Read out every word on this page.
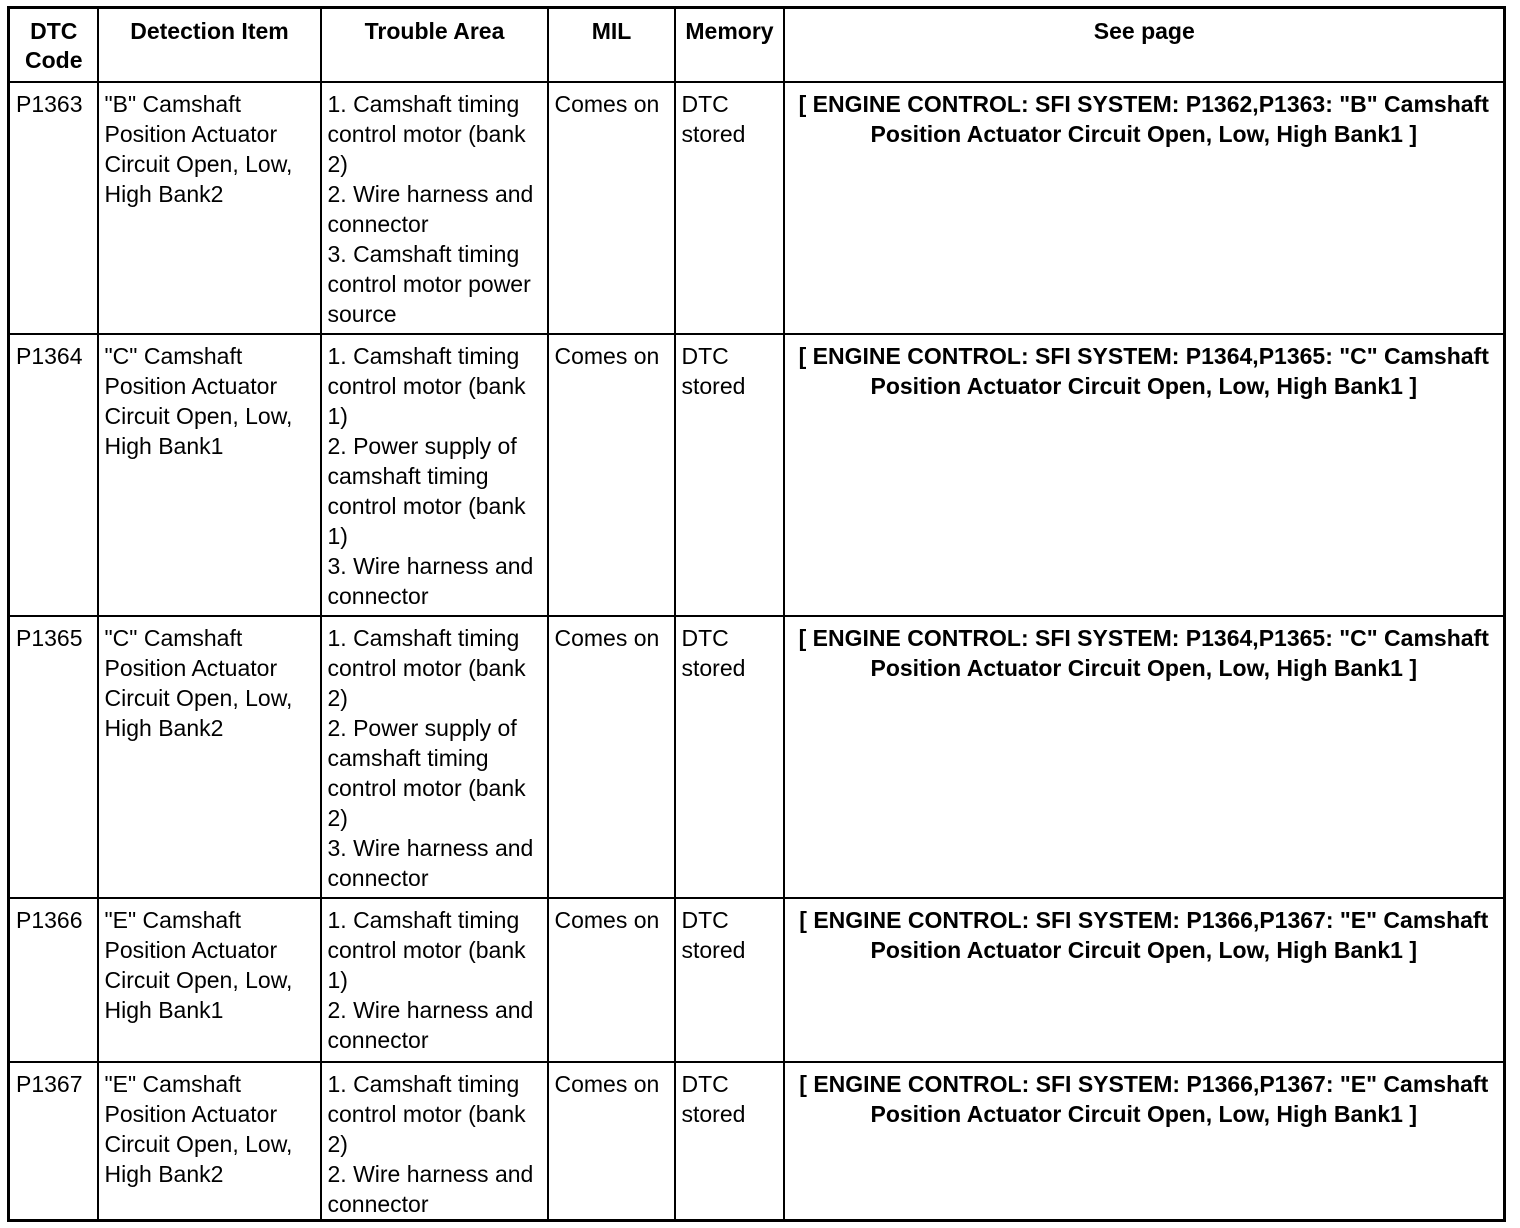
DTC Code	Detection Item	Trouble Area	MIL	Memory	See page
P1363	"B" Camshaft Position Actuator Circuit Open, Low, High Bank2	1. Camshaft timing control motor (bank 2)
2. Wire harness and connector
3. Camshaft timing control motor power source	Comes on	DTC stored	[ ENGINE CONTROL: SFI SYSTEM: P1362,P1363: "B" Camshaft Position Actuator Circuit Open, Low, High Bank1 ]
P1364	"C" Camshaft Position Actuator Circuit Open, Low, High Bank1	1. Camshaft timing control motor (bank 1)
2. Power supply of camshaft timing control motor (bank 1)
3. Wire harness and connector	Comes on	DTC stored	[ ENGINE CONTROL: SFI SYSTEM: P1364,P1365: "C" Camshaft Position Actuator Circuit Open, Low, High Bank1 ]
P1365	"C" Camshaft Position Actuator Circuit Open, Low, High Bank2	1. Camshaft timing control motor (bank 2)
2. Power supply of camshaft timing control motor (bank 2)
3. Wire harness and connector	Comes on	DTC stored	[ ENGINE CONTROL: SFI SYSTEM: P1364,P1365: "C" Camshaft Position Actuator Circuit Open, Low, High Bank1 ]
P1366	"E" Camshaft Position Actuator Circuit Open, Low, High Bank1	1. Camshaft timing control motor (bank 1)
2. Wire harness and connector	Comes on	DTC stored	[ ENGINE CONTROL: SFI SYSTEM: P1366,P1367: "E" Camshaft Position Actuator Circuit Open, Low, High Bank1 ]
P1367	"E" Camshaft Position Actuator Circuit Open, Low, High Bank2	1. Camshaft timing control motor (bank 2)
2. Wire harness and connector	Comes on	DTC stored	[ ENGINE CONTROL: SFI SYSTEM: P1366,P1367: "E" Camshaft Position Actuator Circuit Open, Low, High Bank1 ]
